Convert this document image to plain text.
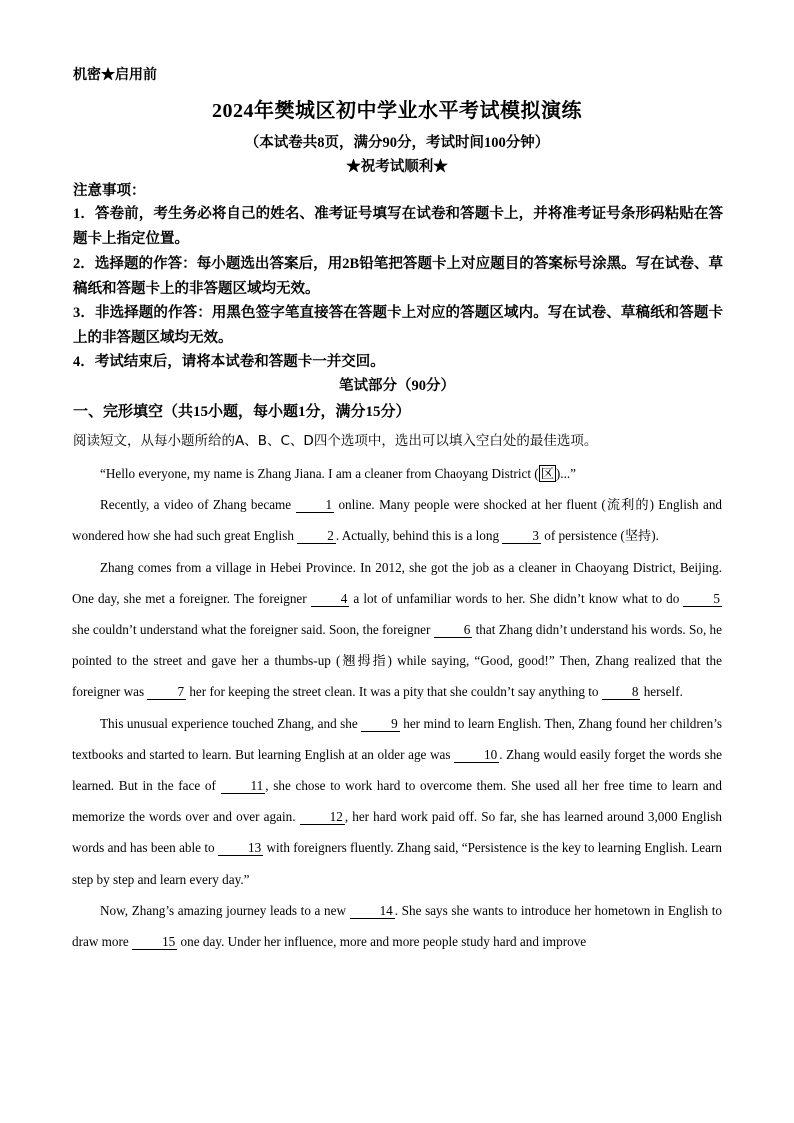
机密★启用前
2024年樊城区初中学业水平考试模拟演练
（本试卷共8页，满分90分，考试时间100分钟）
★祝考试顺利★
注意事项：
1．答卷前，考生务必将自己的姓名、准考证号填写在试卷和答题卡上，并将准考证号条形码粘贴在答题卡上指定位置。
2．选择题的作答：每小题选出答案后，用2B铅笔把答题卡上对应题目的答案标号涂黑。写在试卷、草稿纸和答题卡上的非答题区域均无效。
3．非选择题的作答：用黑色签字笔直接答在答题卡上对应的答题区域内。写在试卷、草稿纸和答题卡上的非答题区域均无效。
4．考试结束后，请将本试卷和答题卡一并交回。
笔试部分（90分）
一、完形填空（共15小题，每小题1分，满分15分）
阅读短文，从每小题所给的A、B、C、D四个选项中，选出可以填入空白处的最佳选项。

“Hello everyone, my name is Zhang Jiana. I am a cleaner from Chaoyang District ( 区 )...”

Recently, a video of Zhang became 1 online. Many people were shocked at her fluent (流利的) English and wondered how she had such great English 2 . Actually, behind this is a long 3 of persistence (坚持).

Zhang comes from a village in Hebei Province. In 2012, she got the job as a cleaner in Chaoyang District, Beijing. One day, she met a foreigner. The foreigner 4 a lot of unfamiliar words to her. She didn’t know what to do 5 she couldn’t understand what the foreigner said. Soon, the foreigner 6 that Zhang didn’t understand his words. So, he pointed to the street and gave her a thumbs-up (翘拇指) while saying, “Good, good!” Then, Zhang realized that the foreigner was 7 her for keeping the street clean. It was a pity that she couldn’t say anything to 8 herself.

This unusual experience touched Zhang, and she 9 her mind to learn English. Then, Zhang found her children’s textbooks and started to learn. But learning English at an older age was 10 . Zhang would easily forget the words she learned. But in the face of 11 , she chose to work hard to overcome them. She used all her free time to learn and memorize the words over and over again. 12 , her hard work paid off. So far, she has learned around 3,000 English words and has been able to 13 with foreigners fluently. Zhang said, “Persistence is the key to learning English. Learn step by step and learn every day.”

Now, Zhang’s amazing journey leads to a new 14 . She says she wants to introduce her hometown in English to draw more 15 one day. Under her influence, more and more people study hard and improve
